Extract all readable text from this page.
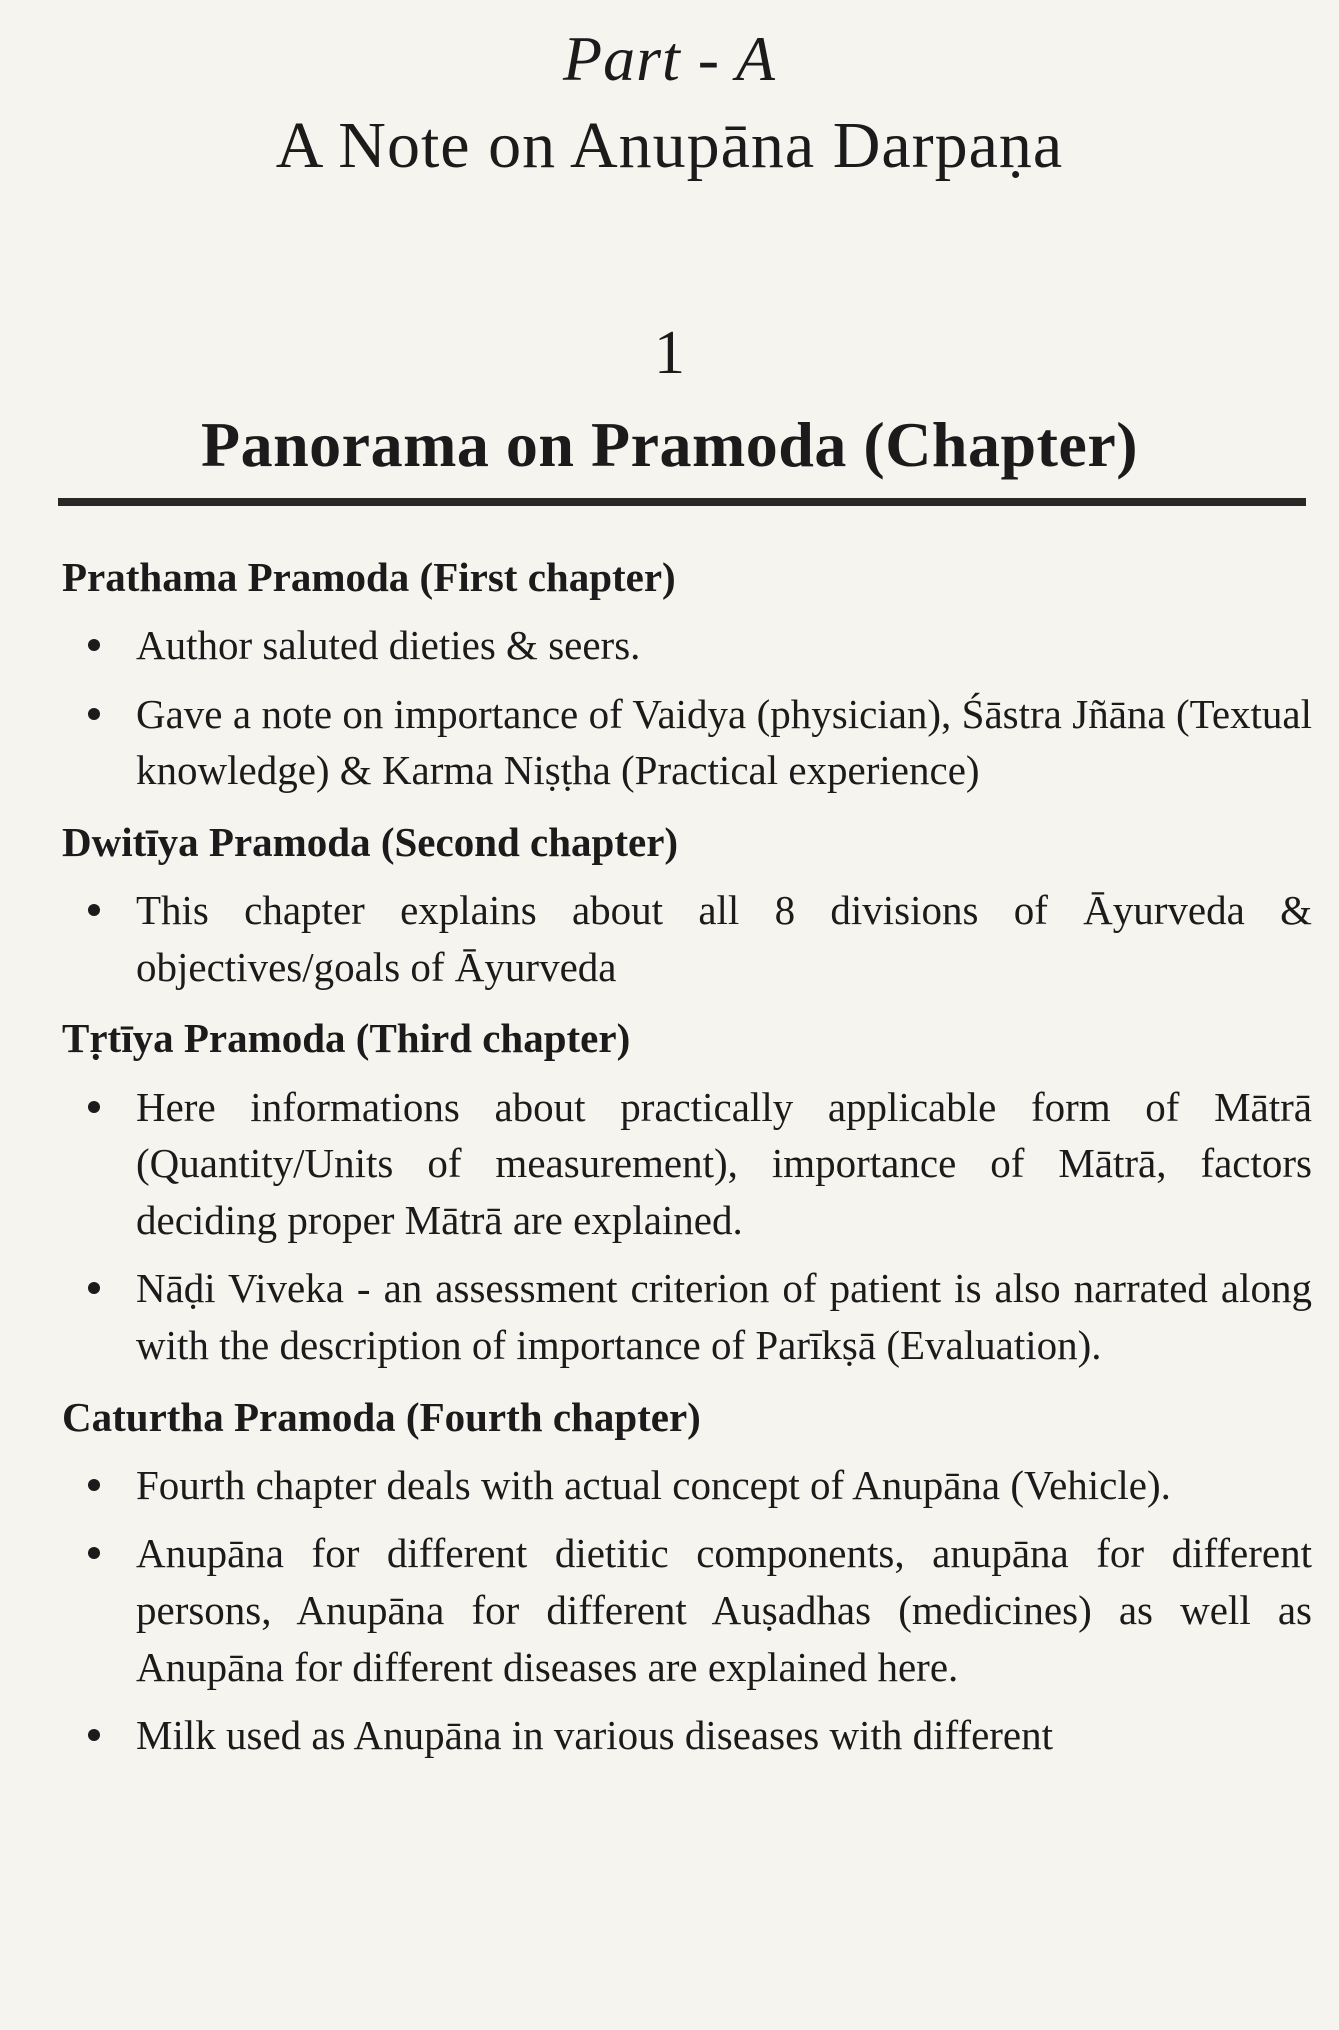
Part - A
A Note on Anupāna Darpaṇa
1
Panorama on Pramoda (Chapter)
Prathama Pramoda (First chapter)
Author saluted dieties & seers.
Gave a note on importance of Vaidya (physician), Śāstra Jñāna (Textual knowledge) & Karma Niṣṭha (Practical experience)
Dwitīya Pramoda (Second chapter)
This chapter explains about all 8 divisions of Āyurveda & objectives/goals of Āyurveda
Tṛtīya Pramoda (Third chapter)
Here informations about practically applicable form of Mātrā (Quantity/Units of measurement), importance of Mātrā, factors deciding proper Mātrā are explained.
Nāḍi Viveka - an assessment criterion of patient is also narrated along with the description of importance of Parīkṣā (Evaluation).
Caturtha Pramoda (Fourth chapter)
Fourth chapter deals with actual concept of Anupāna (Vehicle).
Anupāna for different dietitic components, anupāna for different persons, Anupāna for different Auṣadhas (medicines) as well as Anupāna for different diseases are explained here.
Milk used as Anupāna in various diseases with different
